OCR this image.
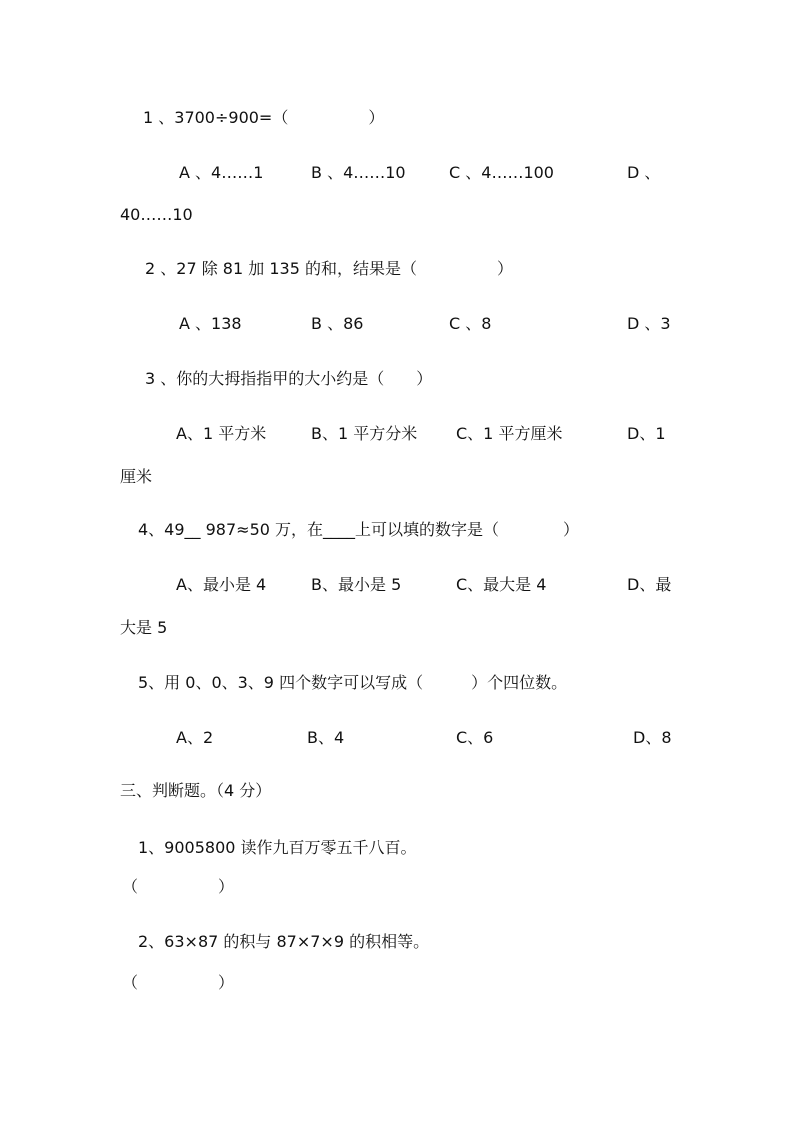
1 、3700÷900=（　　　　　）
A 、4……1	B 、4……10	C 、4……100	D 、
40……10
2 、27 除 81 加 135 的和，结果是（　　　　　）
A 、138	B 、86	C 、8	D 、3
3 、你的大拇指指甲的大小约是（　　）
A、1 平方米	B、1 平方分米 C、1 平方厘米	D、1
厘米
4、49__ 987≈50 万，在____上可以填的数字是（　　　　）
A、最小是 4	B、最小是 5	C、最大是 4	D、最
大是 5
5、用 0、0、3、9 四个数字可以写成（　　　）个四位数。
A、2	B、4	C、6	D、8
三、判断题。（4 分）
1、9005800 读作九百万零五千八百。
（　　　　　）
2、63×87 的积与 87×7×9 的积相等。
（　　　　　）
